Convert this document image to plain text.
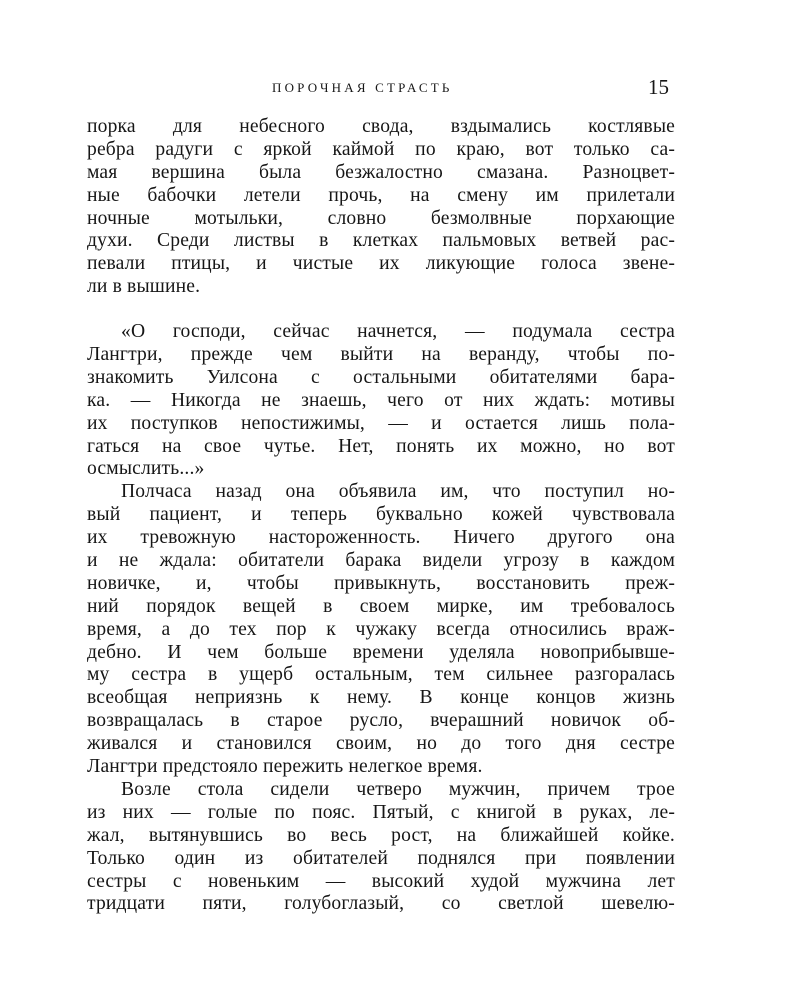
ПОРОЧНАЯ СТРАСТЬ	15
порка для небесного свода, вздымались костлявые
ребра радуги с яркой каймой по краю, вот только са-
мая вершина была безжалостно смазана. Разноцвет-
ные бабочки летели прочь, на смену им прилетали
ночные мотыльки, словно безмолвные порхающие
духи. Среди листвы в клетках пальмовых ветвей рас-
певали птицы, и чистые их ликующие голоса звене-
ли в вышине.
«О господи, сейчас начнется, — подумала сестра
Лангтри, прежде чем выйти на веранду, чтобы по-
знакомить Уилсона с остальными обитателями бара-
ка. — Никогда не знаешь, чего от них ждать: мотивы
их поступков непостижимы, — и остается лишь пола-
гаться на свое чутье. Нет, понять их можно, но вот
осмыслить...»
Полчаса назад она объявила им, что поступил но-
вый пациент, и теперь буквально кожей чувствовала
их тревожную настороженность. Ничего другого она
и не ждала: обитатели барака видели угрозу в каждом
новичке, и, чтобы привыкнуть, восстановить преж-
ний порядок вещей в своем мирке, им требовалось
время, а до тех пор к чужаку всегда относились враж-
дебно. И чем больше времени уделяла новоприбывше-
му сестра в ущерб остальным, тем сильнее разгоралась
всеобщая неприязнь к нему. В конце концов жизнь
возвращалась в старое русло, вчерашний новичок об-
живался и становился своим, но до того дня сестре
Лангтри предстояло пережить нелегкое время.
Возле стола сидели четверо мужчин, причем трое
из них — голые по пояс. Пятый, с книгой в руках, ле-
жал, вытянувшись во весь рост, на ближайшей койке.
Только один из обитателей поднялся при появлении
сестры с новеньким — высокий худой мужчина лет
тридцати пяти, голубоглазый, со светлой шевелю-
